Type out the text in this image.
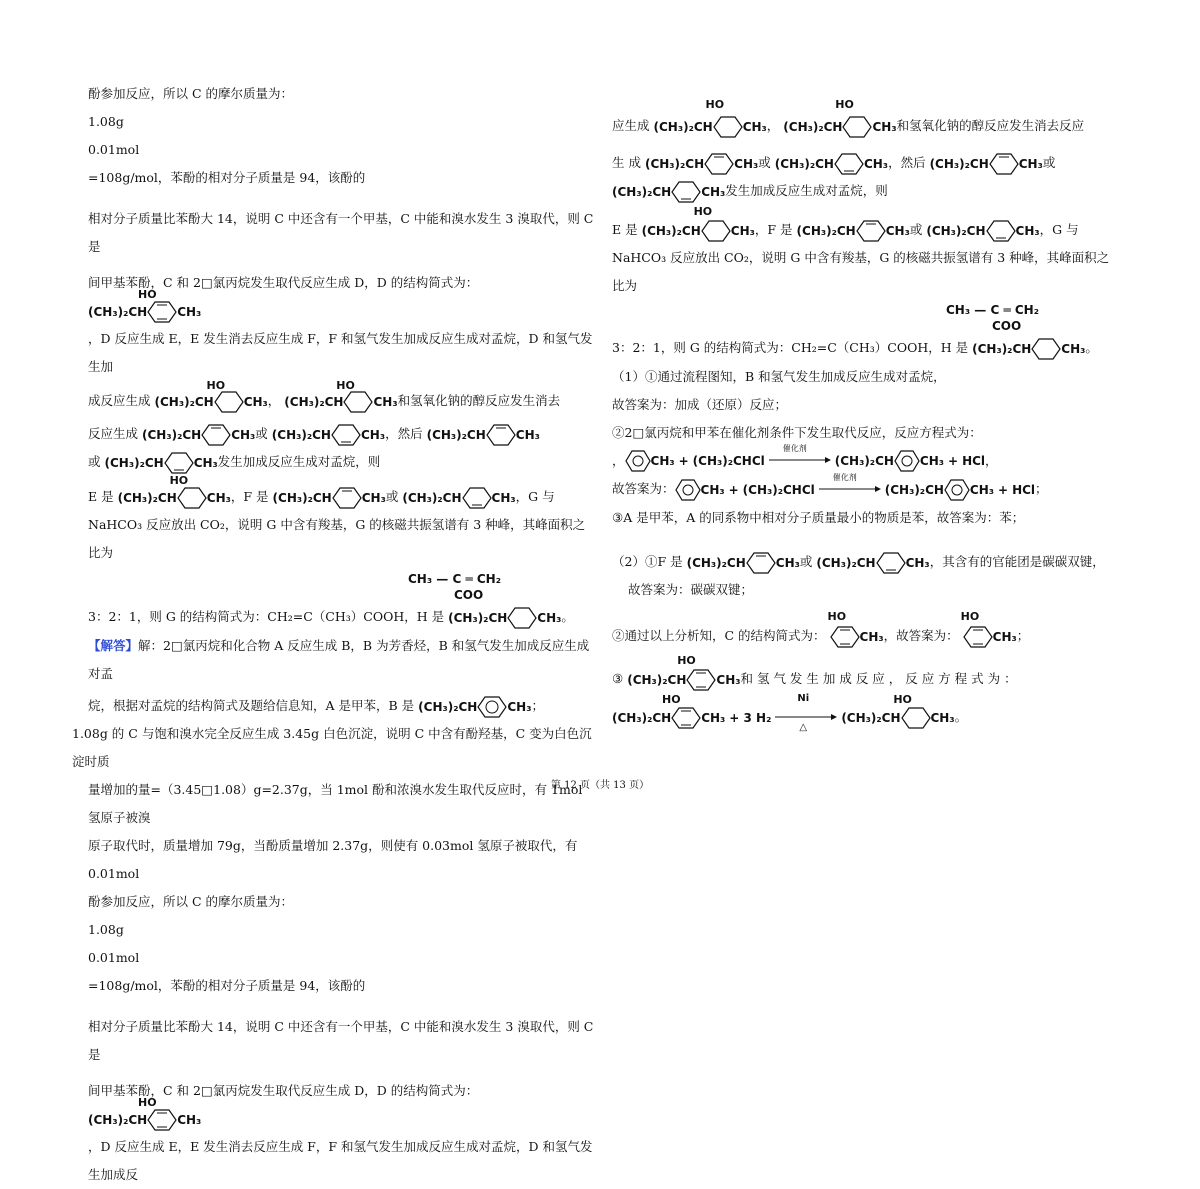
酚参加反应，所以 C 的摩尔质量为：

1.08g
0.01mol
=108g/mol，苯酚的相对分子质量是 94，该酚的

相对分子质量比苯酚大 14，说明 C 中还含有一个甲基，C 中能和溴水发生 3 溴取代，则 C 是

间甲基苯酚，C 和 2□氯丙烷发生取代反应生成 D，D 的结构简式为：
HO
(CH₃)₂CH	CH₃

，D 反应生成 E，E 发生消去反应生成 F，F 和氢气发生加成反应生成对孟烷，D 和氢气发生加

成反应生成
HO
(CH₃)₂CH	CH₃，
HO
(CH₃)₂CH	CH₃和氢氧化钠的醇反应发生消去

反应生成 (CH₃)₂CH	CH₃或 (CH₃)₂CH	CH₃，然后 (CH₃)₂CH	CH₃

或 (CH₃)₂CH	CH₃发生加成反应生成对孟烷，则

E 是
HO
(CH₃)₂CH	CH₃，F 是 (CH₃)₂CH	CH₃或 (CH₃)₂CH	CH₃，G 与

NaHCO₃ 反应放出 CO₂，说明 G 中含有羧基，G 的核磁共振氢谱有 3 种峰，其峰面积之比为

CH₃ — C ═ CH₂
COO

3：2：1，则 G 的结构简式为：CH₂=C（CH₃）COOH，H 是 (CH₃)₂CH	CH₃。

【解答】解：2□氯丙烷和化合物 A 反应生成 B，B 为芳香烃，B 和氢气发生加成反应生成对孟

烷，根据对孟烷的结构简式及题给信息知，A 是甲苯，B 是 (CH₃)₂CH	CH₃；

1.08g 的 C 与饱和溴水完全反应生成 3.45g 白色沉淀，说明 C 中含有酚羟基，C 变为白色沉淀时质

量增加的量=（3.45□1.08）g=2.37g，当 1mol 酚和浓溴水发生取代反应时，有 1mol 氢原子被溴

原子取代时，质量增加 79g，当酚质量增加 2.37g，则使有 0.03mol 氢原子被取代，有 0.01mol

酚参加反应，所以 C 的摩尔质量为：

1.08g
0.01mol
=108g/mol，苯酚的相对分子质量是 94，该酚的

相对分子质量比苯酚大 14，说明 C 中还含有一个甲基，C 中能和溴水发生 3 溴取代，则 C 是

间甲基苯酚，C 和 2□氯丙烷发生取代反应生成 D，D 的结构简式为：
HO
(CH₃)₂CH	CH₃

，D 反应生成 E，E 发生消去反应生成 F，F 和氢气发生加成反应生成对孟烷，D 和氢气发生加成反

应生成
HO
(CH₃)₂CH	CH₃，
HO
(CH₃)₂CH	CH₃和氢氧化钠的醇反应发生消去反应

生 成 (CH₃)₂CH	CH₃或 (CH₃)₂CH	CH₃，然后 (CH₃)₂CH	CH₃或

(CH₃)₂CH	CH₃发生加成反应生成对孟烷，则

E 是
HO
(CH₃)₂CH	CH₃，F 是 (CH₃)₂CH	CH₃或 (CH₃)₂CH	CH₃，G 与

NaHCO₃ 反应放出 CO₂，说明 G 中含有羧基，G 的核磁共振氢谱有 3 种峰，其峰面积之比为

CH₃ — C ═ CH₂
COO

3：2：1，则 G 的结构简式为：CH₂=C（CH₃）COOH，H 是 (CH₃)₂CH	CH₃。

（1）①通过流程图知，B 和氢气发生加成反应生成对孟烷，

故答案为：加成（还原）反应；

②2□氯丙烷和甲苯在催化剂条件下发生取代反应，反应方程式为：

， CH₃ + (CH₃)₂CHCl
催化剂
(CH₃)₂CH CH₃ + HCl，

故答案为： CH₃ + (CH₃)₂CHCl
催化剂
(CH₃)₂CH CH₃ + HCl；

③A 是甲苯，A 的同系物中相对分子质量最小的物质是苯，故答案为：苯；

（2）①F 是 (CH₃)₂CH	CH₃或 (CH₃)₂CH	CH₃，其含有的官能团是碳碳双键，

故答案为：碳碳双键；

②通过以上分析知，C 的结构简式为：
HO
CH₃，故答案为：
HO
CH₃；

③
HO
(CH₃)₂CH	CH₃和 氢 气 发 生 加 成 反 应 ， 反 应 方 程 式 为 ：

HO
(CH₃)₂CH	CH₃ + 3 H₂
Ni
△

HO
(CH₃)₂CH	CH₃。

第 12 页（共 13 页）
